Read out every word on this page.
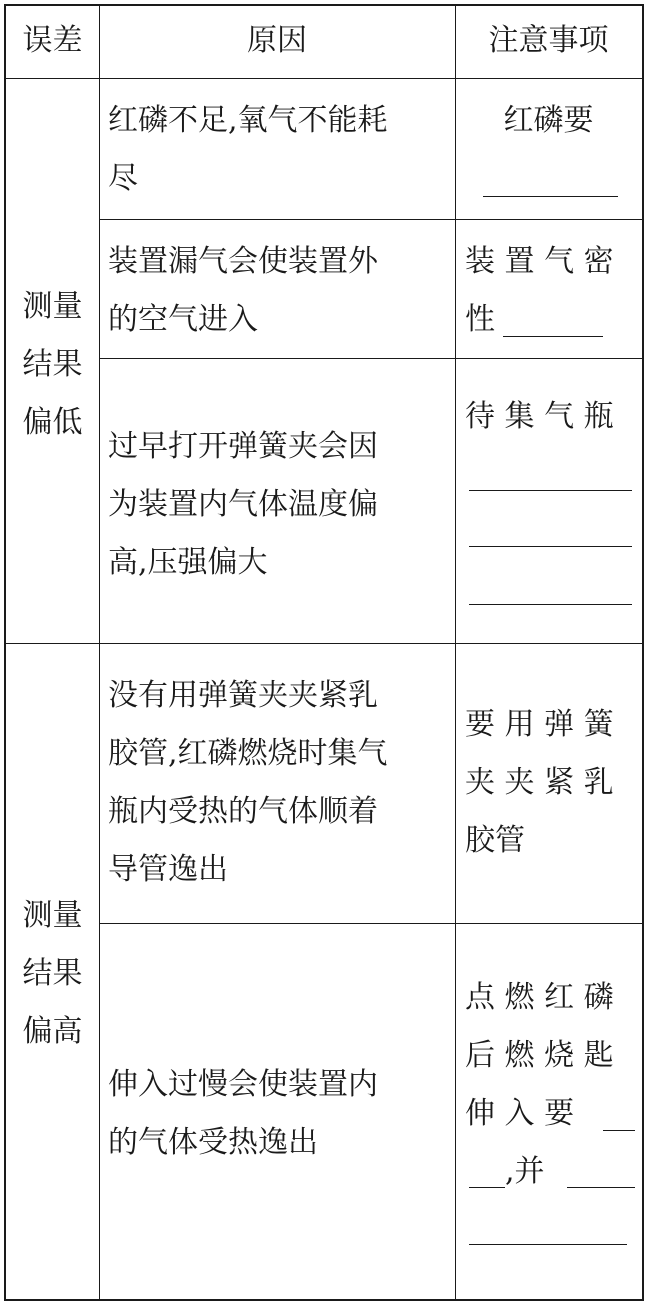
误差	原因	注意事项
测量
结果
偏低
测量
结果
偏高
红磷不足,氧气不能耗
尽
红磷要
装置漏气会使装置外
的空气进入
装 置 气 密
性
过早打开弹簧夹会因
为装置内气体温度偏
高,压强偏大
待 集 气 瓶
没有用弹簧夹夹紧乳
胶管,红磷燃烧时集气
瓶内受热的气体顺着
导管逸出
要 用 弹 簧
夹 夹 紧 乳
胶管
伸入过慢会使装置内
的气体受热逸出
点 燃 红 磷
后 燃 烧 匙
伸 入 要
,并
